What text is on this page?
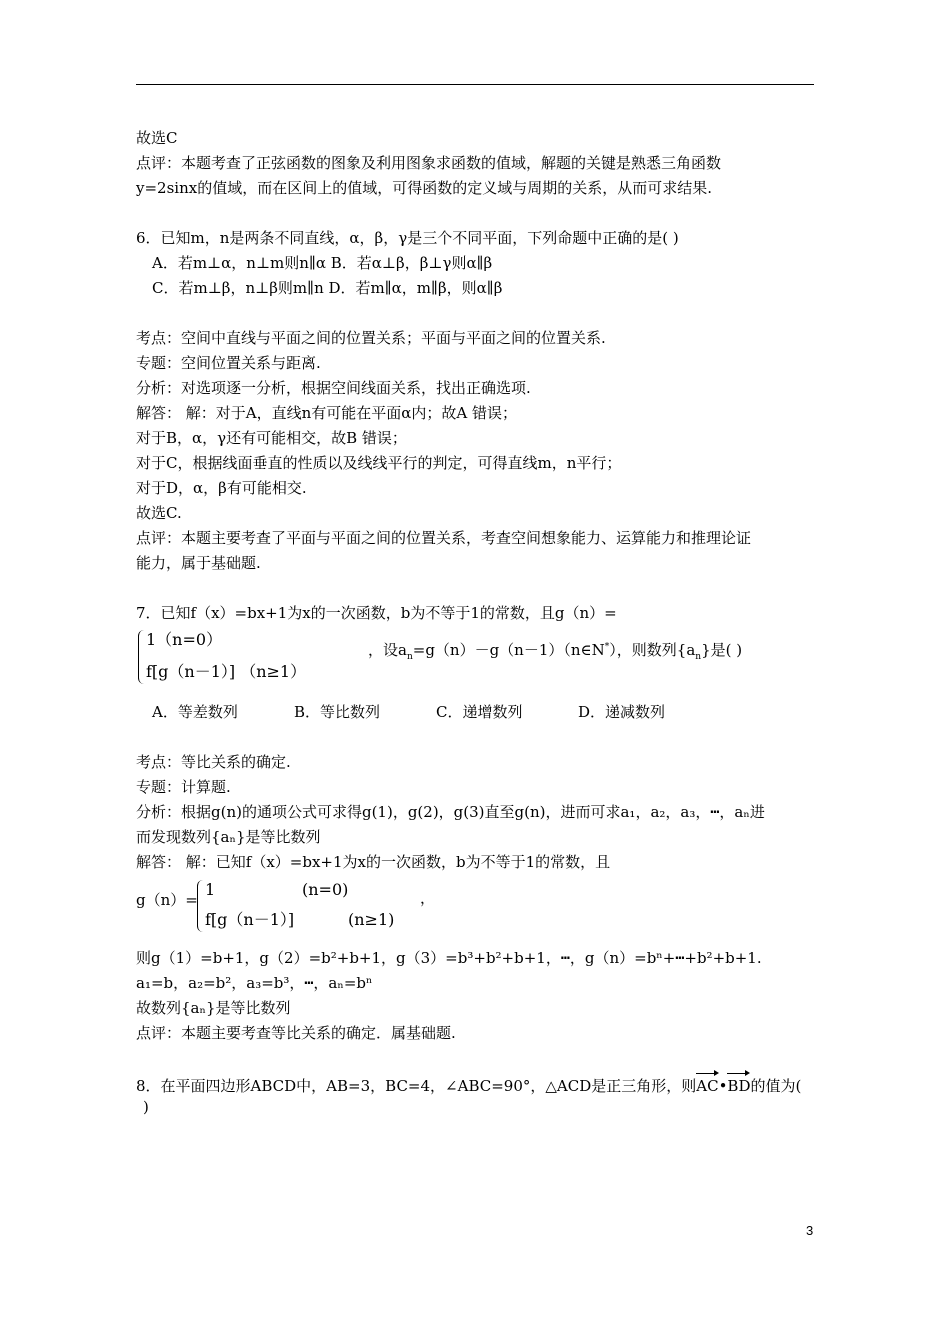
故选C
点评：本题考查了正弦函数的图象及利用图象求函数的值域，解题的关键是熟悉三角函数
y=2sinx的值域，而在区间上的值域，可得函数的定义域与周期的关系，从而可求结果.
6．已知m，n是两条不同直线，α，β，γ是三个不同平面，下列命题中正确的是( )
A．若m⊥α，n⊥m则n∥α B．若α⊥β，β⊥γ则α∥β
C．若m⊥β，n⊥β则m∥n D．若m∥α，m∥β，则α∥β
考点：空间中直线与平面之间的位置关系；平面与平面之间的位置关系.
专题：空间位置关系与距离.
分析：对选项逐一分析，根据空间线面关系，找出正确选项.
解答： 解：对于A，直线n有可能在平面α内；故A 错误；
对于B，α，γ还有可能相交，故B 错误；
对于C，根据线面垂直的性质以及线线平行的判定，可得直线m，n平行；
对于D，α，β有可能相交.
故选C.
点评：本题主要考查了平面与平面之间的位置关系，考查空间想象能力、运算能力和推理论证
能力，属于基础题.
7．已知f（x）=bx+1为x的一次函数，b为不等于1的常数，且g（n）=
1（n=0）
f[g（n－1）] （n≥1）
，设$a_n=g(n)-g(n-1)(n\in N^*)$，则数列$\{a_n\}$是( )
A．等差数列	B．等比数列	C．递增数列	D．递减数列
考点：等比关系的确定.
专题：计算题.
分析：根据g(n)的通项公式可求得g(1)，g(2)，g(3)直至g(n)，进而可求a₁，a₂，a₃，┅，aₙ进
而发现数列{aₙ}是等比数列
解答： 解：已知f（x）=bx+1为x的一次函数，b为不等于1的常数，且
g（n）=
1	(n=0)
f[g（n－1）]	(n≥1)
，
则g（1）=b+1，g（2）=b²+b+1，g（3）=b³+b²+b+1，┅，g（n）=bⁿ+┅+b²+b+1.
a₁=b，a₂=b²，a₃=b³，┅，aₙ=bⁿ
故数列{aₙ}是等比数列
点评：本题主要考查等比关系的确定．属基础题.
8．在平面四边形ABCD中，AB=3，BC=4，∠ABC=90°，△ACD是正三角形，则AC•BD的值为(
)
3
